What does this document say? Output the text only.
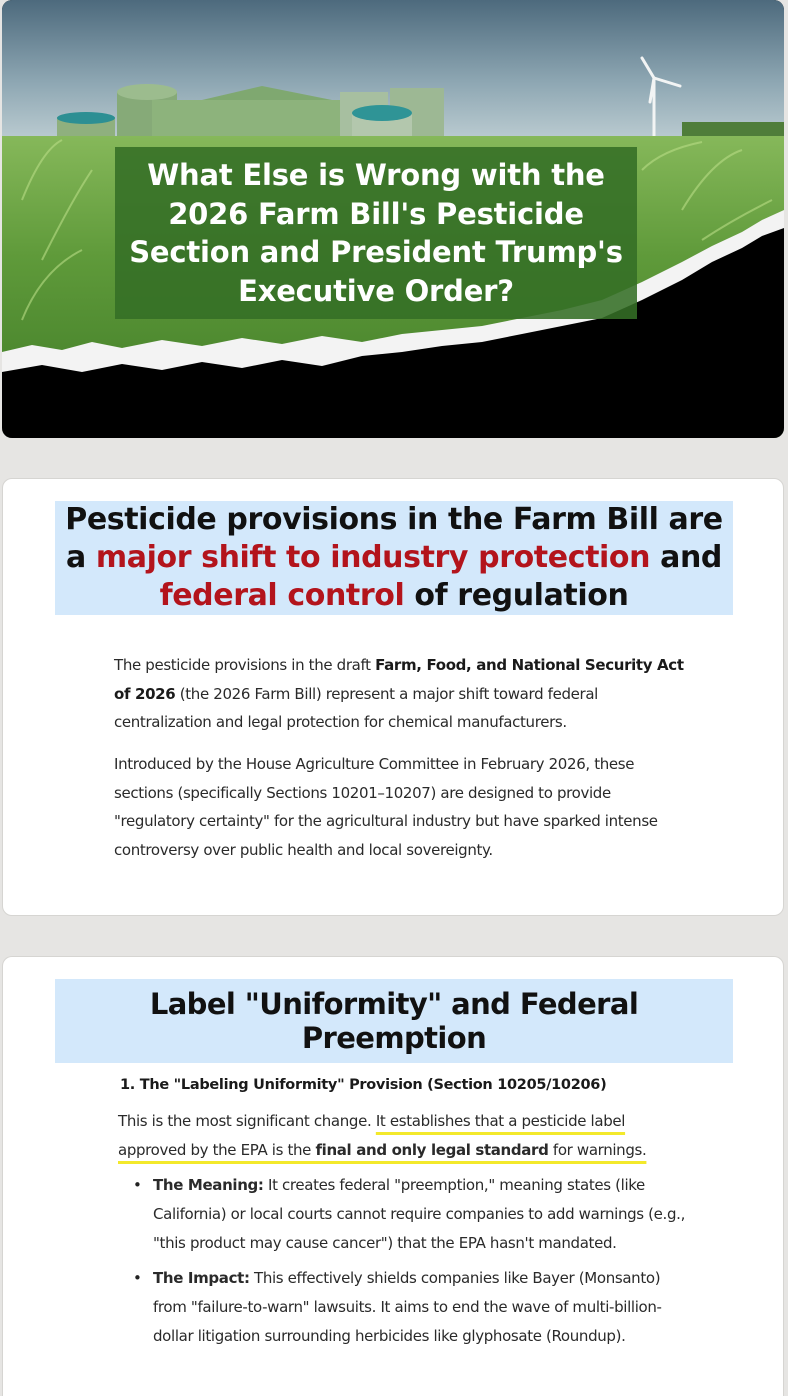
What Else is Wrong with the 2026 Farm Bill's Pesticide Section and President Trump's Executive Order?
Pesticide provisions in the Farm Bill are a major shift to industry protection and federal control of regulation

The pesticide provisions in the draft Farm, Food, and National Security Act of 2026 (the 2026 Farm Bill) represent a major shift toward federal centralization and legal protection for chemical manufacturers.

Introduced by the House Agriculture Committee in February 2026, these sections (specifically Sections 10201–10207) are designed to provide "regulatory certainty" for the agricultural industry but have sparked intense controversy over public health and local sovereignty.

Label "Uniformity" and Federal Preemption
1. The "Labeling Uniformity" Provision (Section 10205/10206)

This is the most significant change. It establishes that a pesticide label
approved by the EPA is the final and only legal standard for warnings.

• The Meaning: It creates federal "preemption," meaning states (like California) or local courts cannot require companies to add warnings (e.g., "this product may cause cancer") that the EPA hasn't mandated.
• The Impact: This effectively shields companies like Bayer (Monsanto) from "failure-to-warn" lawsuits. It aims to end the wave of multi-billion-dollar litigation surrounding herbicides like glyphosate (Roundup).
